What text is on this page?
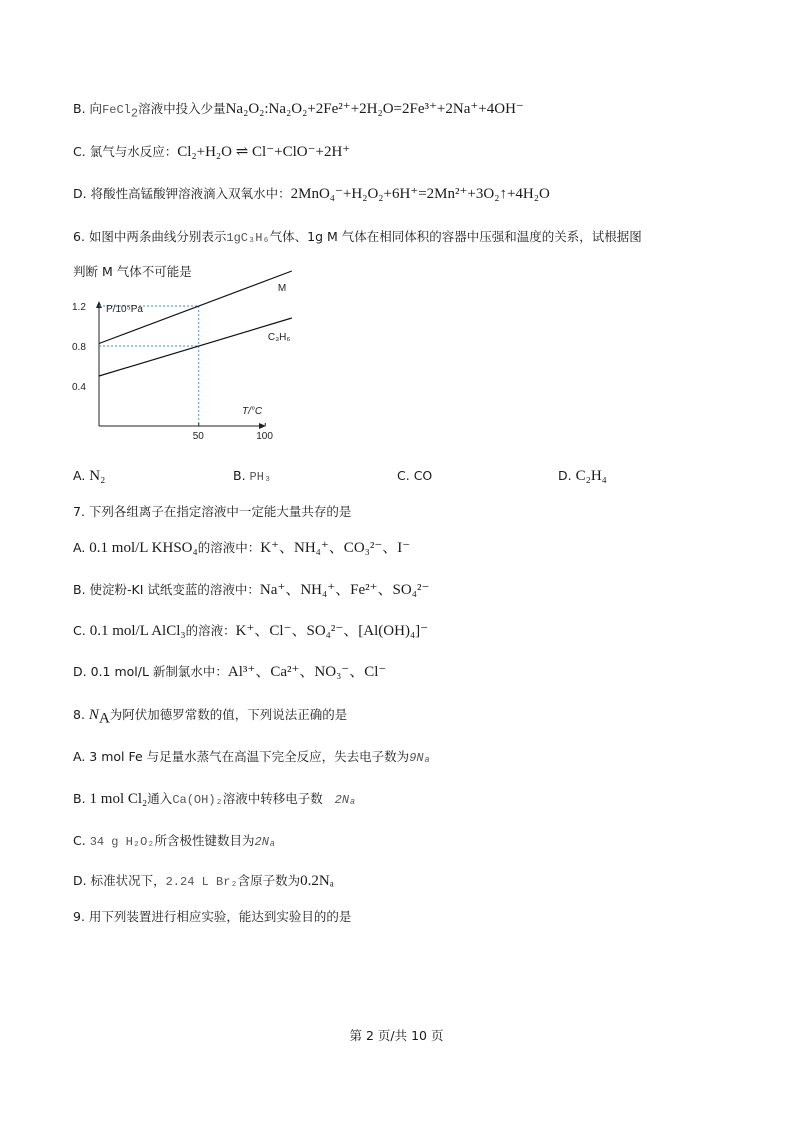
B. 向FeCl$_2$溶液中投入少量Na₂O₂:Na₂O₂+2Fe²⁺+2H₂O=2Fe³⁺+2Na⁺+4OH⁻
C. 氯气与水反应：Cl₂+H₂O ⇌ Cl⁻+ClO⁻+2H⁺
D. 将酸性高锰酸钾溶液滴入双氧水中：2MnO₄⁻+H₂O₂+6H⁺=2Mn²⁺+3O₂↑+4H₂O
6. 如图中两条曲线分别表示1gC₃H₆气体、1g M 气体在相同体积的容器中压强和温度的关系，试根据图
判断 M 气体不可能是
M
C₃H₆
1.2
0.8
0.4
50	100
P/10⁵Pa
T/°C
A. N₂	B. PH₃	C. CO	D. C₂H₄
7. 下列各组离子在指定溶液中一定能大量共存的是
A. 0.1 mol/L KHSO₄的溶液中：K⁺、NH₄⁺、CO₃²⁻、I⁻
B. 使淀粉-KI 试纸变蓝的溶液中：Na⁺、NH₄⁺、Fe²⁺、SO₄²⁻
C. 0.1 mol/L AlCl₃的溶液：K⁺、Cl⁻、SO₄²⁻、[Al(OH)₄]⁻
D. 0.1 mol/L 新制氯水中：Al³⁺、Ca²⁺、NO₃⁻、Cl⁻
8. $N_A$为阿伏加德罗常数的值，下列说法正确的是
A. 3 mol Fe 与足量水蒸气在高温下完全反应，失去电子数为9Nₐ
B. 1 mol Cl₂通入Ca(OH)₂溶液中转移电子数 2Nₐ
C. 34 g H₂O₂所含极性键数目为2Nₐ
D. 标准状况下，2.24 L Br₂含原子数为0.2Nₐ
9. 用下列装置进行相应实验，能达到实验目的的是
第 2 页/共 10 页
